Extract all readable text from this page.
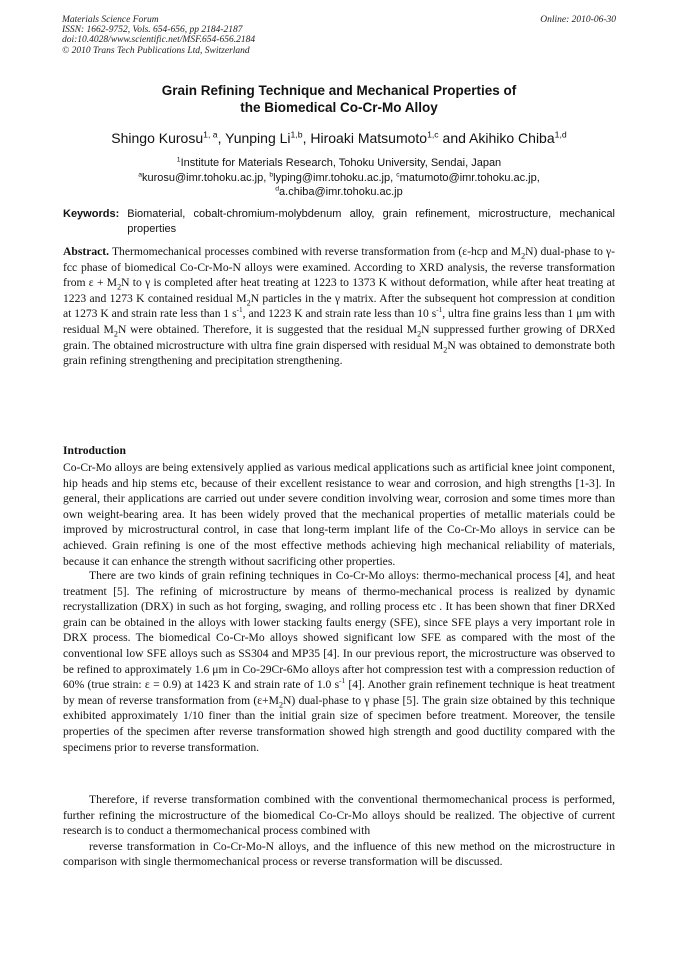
Materials Science Forum
ISSN: 1662-9752, Vols. 654-656, pp 2184-2187
doi:10.4028/www.scientific.net/MSF.654-656.2184
© 2010 Trans Tech Publications Ltd, Switzerland
Online: 2010-06-30
Grain Refining Technique and Mechanical Properties of
the Biomedical Co-Cr-Mo Alloy
Shingo Kurosu$^{1, a}$, Yunping Li$^{1,b}$, Hiroaki Matsumoto$^{1,c}$ and Akihiko Chiba$^{1,d}$
$^1$Institute for Materials Research, Tohoku University, Sendai, Japan
$^a$kurosu@imr.tohoku.ac.jp, $^b$lyping@imr.tohoku.ac.jp, $^c$matumoto@imr.tohoku.ac.jp,
$^d$a.chiba@imr.tohoku.ac.jp
Keywords: Biomaterial, cobalt-chromium-molybdenum alloy, grain refinement, microstructure, mechanical properties

Abstract. Thermomechanical processes combined with reverse transformation from (ε-hcp and $M_2N$) dual-phase to γ-fcc phase of biomedical Co-Cr-Mo-N alloys were examined. According to XRD analysis, the reverse transformation from $\varepsilon + M_2N$ to γ is completed after heat treating at 1223 to 1373 K without deformation, while after heat treating at 1223 and 1273 K contained residual $M_2N$ particles in the γ matrix. After the subsequent hot compression at condition at 1273 K and strain rate less than 1 $s^{-1}$, and 1223 K and strain rate less than 10 $s^{-1}$, ultra fine grains less than 1 μm with residual $M_2N$ were obtained. Therefore, it is suggested that the residual $M_2N$ suppressed further growing of DRXed grain. The obtained microstructure with ultra fine grain dispersed with residual $M_2N$ was obtained to demonstrate both grain refining strengthening and precipitation strengthening.

Introduction

Co-Cr-Mo alloys are being extensively applied as various medical applications such as artificial knee joint component, hip heads and hip stems etc, because of their excellent resistance to wear and corrosion, and high strengths [1-3]. In general, their applications are carried out under severe condition involving wear, corrosion and some times more than own weight-bearing area. It has been widely proved that the mechanical properties of metallic materials could be improved by microstructural control, in case that long-term implant life of the Co-Cr-Mo alloys in service can be achieved. Grain refining is one of the most effective methods achieving high mechanical reliability of materials, because it can enhance the strength without sacrificing other properties.

There are two kinds of grain refining techniques in Co-Cr-Mo alloys: thermo-mechanical process [4], and heat treatment [5]. The refining of microstructure by means of thermo-mechanical process is realized by dynamic recrystallization (DRX) in such as hot forging, swaging, and rolling process etc . It has been shown that finer DRXed grain can be obtained in the alloys with lower stacking faults energy (SFE), since SFE plays a very important role in DRX process. The biomedical Co-Cr-Mo alloys showed significant low SFE as compared with the most of the conventional low SFE alloys such as SS304 and MP35 [4]. In our previous report, the microstructure was observed to be refined to approximately 1.6 μm in Co-29Cr-6Mo alloys after hot compression test with a compression reduction of 60% (true strain: ε = 0.9) at 1423 K and strain rate of 1.0 $s^{-1}$ [4]. Another grain refinement technique is heat treatment by mean of reverse transformation from $(\varepsilon+M_2N)$ dual-phase to γ phase [5]. The grain size obtained by this technique exhibited approximately 1/10 finer than the initial grain size of specimen before treatment. Moreover, the tensile properties of the specimen after reverse transformation showed high strength and good ductility compared with the specimens prior to reverse transformation.

Therefore, if reverse transformation combined with the conventional thermomechanical process is performed, further refining the microstructure of the biomedical Co-Cr-Mo alloys should be realized. The objective of current research is to conduct a thermomechanical process combined with

reverse transformation in Co-Cr-Mo-N alloys, and the influence of this new method on the microstructure in comparison with single thermomechanical process or reverse transformation will be discussed.
